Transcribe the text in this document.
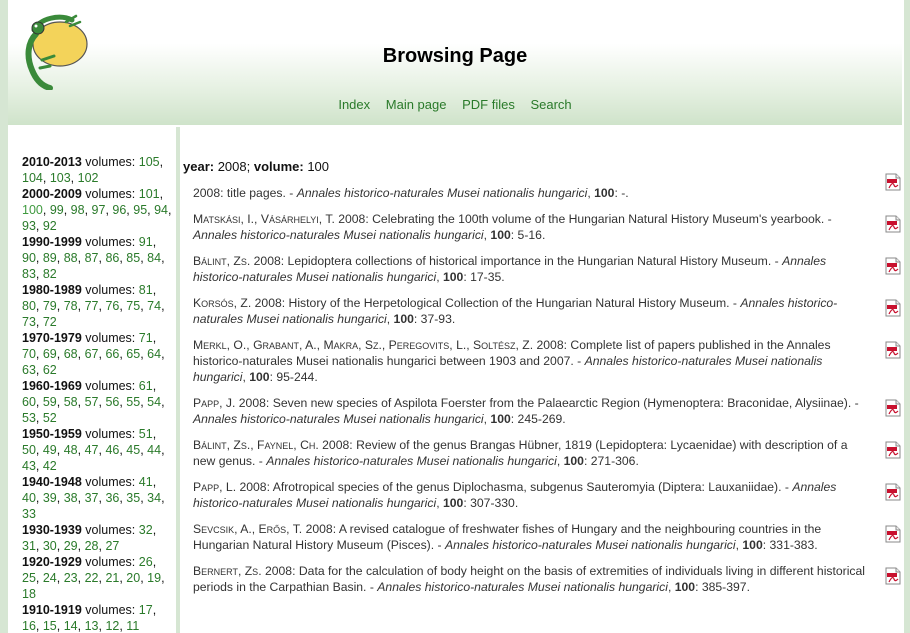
Browsing Page
Index Main page PDF files Search
2010-2013 volumes: 105, 104, 103, 102
2000-2009 volumes: 101, 100, 99, 98, 97, 96, 95, 94, 93, 92
1990-1999 volumes: 91, 90, 89, 88, 87, 86, 85, 84, 83, 82
1980-1989 volumes: 81, 80, 79, 78, 77, 76, 75, 74, 73, 72
1970-1979 volumes: 71, 70, 69, 68, 67, 66, 65, 64, 63, 62
1960-1969 volumes: 61, 60, 59, 58, 57, 56, 55, 54, 53, 52
1950-1959 volumes: 51, 50, 49, 48, 47, 46, 45, 44, 43, 42
1940-1948 volumes: 41, 40, 39, 38, 37, 36, 35, 34, 33
1930-1939 volumes: 32, 31, 30, 29, 28, 27
1920-1929 volumes: 26, 25, 24, 23, 22, 21, 20, 19, 18
1910-1919 volumes: 17, 16, 15, 14, 13, 12, 11
year: 2008; volume: 100
2008: title pages. - Annales historico-naturales Musei nationalis hungarici, 100: -.
Matskási, I., Vásárhelyi, T. 2008: Celebrating the 100th volume of the Hungarian Natural History Museum's yearbook. - Annales historico-naturales Musei nationalis hungarici, 100: 5-16.
Bálint, Zs. 2008: Lepidoptera collections of historical importance in the Hungarian Natural History Museum. - Annales historico-naturales Musei nationalis hungarici, 100: 17-35.
Korsós, Z. 2008: History of the Herpetological Collection of the Hungarian Natural History Museum. - Annales historico-naturales Musei nationalis hungarici, 100: 37-93.
Merkl, O., Grabant, A., Makra, Sz., Peregovits, L., Soltész, Z. 2008: Complete list of papers published in the Annales historico-naturales Musei nationalis hungarici between 1903 and 2007. - Annales historico-naturales Musei nationalis hungarici, 100: 95-244.
Papp, J. 2008: Seven new species of Aspilota Foerster from the Palaearctic Region (Hymenoptera: Braconidae, Alysiinae). - Annales historico-naturales Musei nationalis hungarici, 100: 245-269.
Bálint, Zs., Faynel, Ch. 2008: Review of the genus Brangas Hübner, 1819 (Lepidoptera: Lycaenidae) with description of a new genus. - Annales historico-naturales Musei nationalis hungarici, 100: 271-306.
Papp, L. 2008: Afrotropical species of the genus Diplochasma, subgenus Sauteromyia (Diptera: Lauxaniidae). - Annales historico-naturales Musei nationalis hungarici, 100: 307-330.
Sevcsik, A., Erős, T. 2008: A revised catalogue of freshwater fishes of Hungary and the neighbouring countries in the Hungarian Natural History Museum (Pisces). - Annales historico-naturales Musei nationalis hungarici, 100: 331-383.
Bernert, Zs. 2008: Data for the calculation of body height on the basis of extremities of individuals living in different historical periods in the Carpathian Basin. - Annales historico-naturales Musei nationalis hungarici, 100: 385-397.
